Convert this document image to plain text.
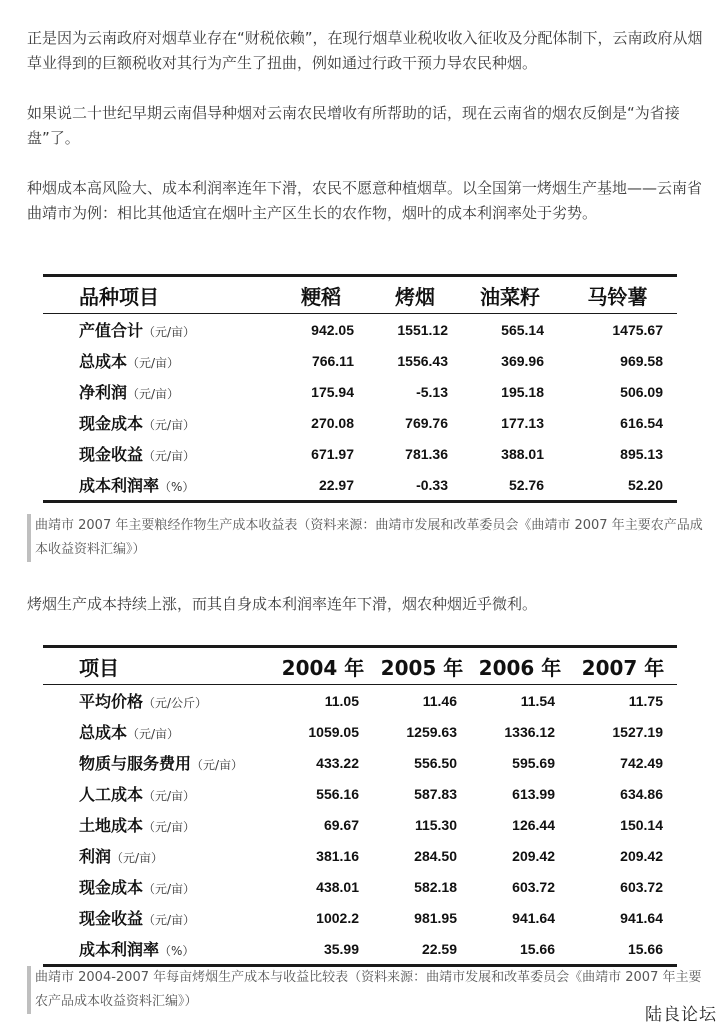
正是因为云南政府对烟草业存在“财税依赖”，在现行烟草业税收收入征收及分配体制下，云南政府从烟草业得到的巨额税收对其行为产生了扭曲，例如通过行政干预力导农民种烟。

如果说二十世纪早期云南倡导种烟对云南农民增收有所帮助的话，现在云南省的烟农反倒是“为省接盘”了。

种烟成本高风险大、成本利润率连年下滑，农民不愿意种植烟草。以全国第一烤烟生产基地——云南省曲靖市为例：相比其他适宜在烟叶主产区生长的农作物，烟叶的成本利润率处于劣势。

品种项目	粳稻	烤烟	油菜籽	马铃薯
产值合计（元/亩）	942.05	1551.12	565.14	1475.67
总成本（元/亩）	766.11	1556.43	369.96	969.58
净利润（元/亩）	175.94	-5.13	195.18	506.09
现金成本（元/亩）	270.08	769.76	177.13	616.54
现金收益（元/亩）	671.97	781.36	388.01	895.13
成本利润率（%）	22.97	-0.33	52.76	52.20

曲靖市 2007 年主要粮经作物生产成本收益表（资料来源：曲靖市发展和改革委员会《曲靖市 2007 年主要农产品成本收益资料汇编》）

烤烟生产成本持续上涨，而其自身成本利润率连年下滑，烟农种烟近乎微利。

项目	2004 年	2005 年	2006 年	2007 年
平均价格（元/公斤）	11.05	11.46	11.54	11.75
总成本（元/亩）	1059.05	1259.63	1336.12	1527.19
物质与服务费用（元/亩）	433.22	556.50	595.69	742.49
人工成本（元/亩）	556.16	587.83	613.99	634.86
土地成本（元/亩）	69.67	115.30	126.44	150.14
利润（元/亩）	381.16	284.50	209.42	209.42
现金成本（元/亩）	438.01	582.18	603.72	603.72
现金收益（元/亩）	1002.2	981.95	941.64	941.64
成本利润率（%）	35.99	22.59	15.66	15.66

曲靖市 2004-2007 年每亩烤烟生产成本与收益比较表（资料来源：曲靖市发展和改革委员会《曲靖市 2007 年主要农产品成本收益资料汇编》）

陆良论坛
